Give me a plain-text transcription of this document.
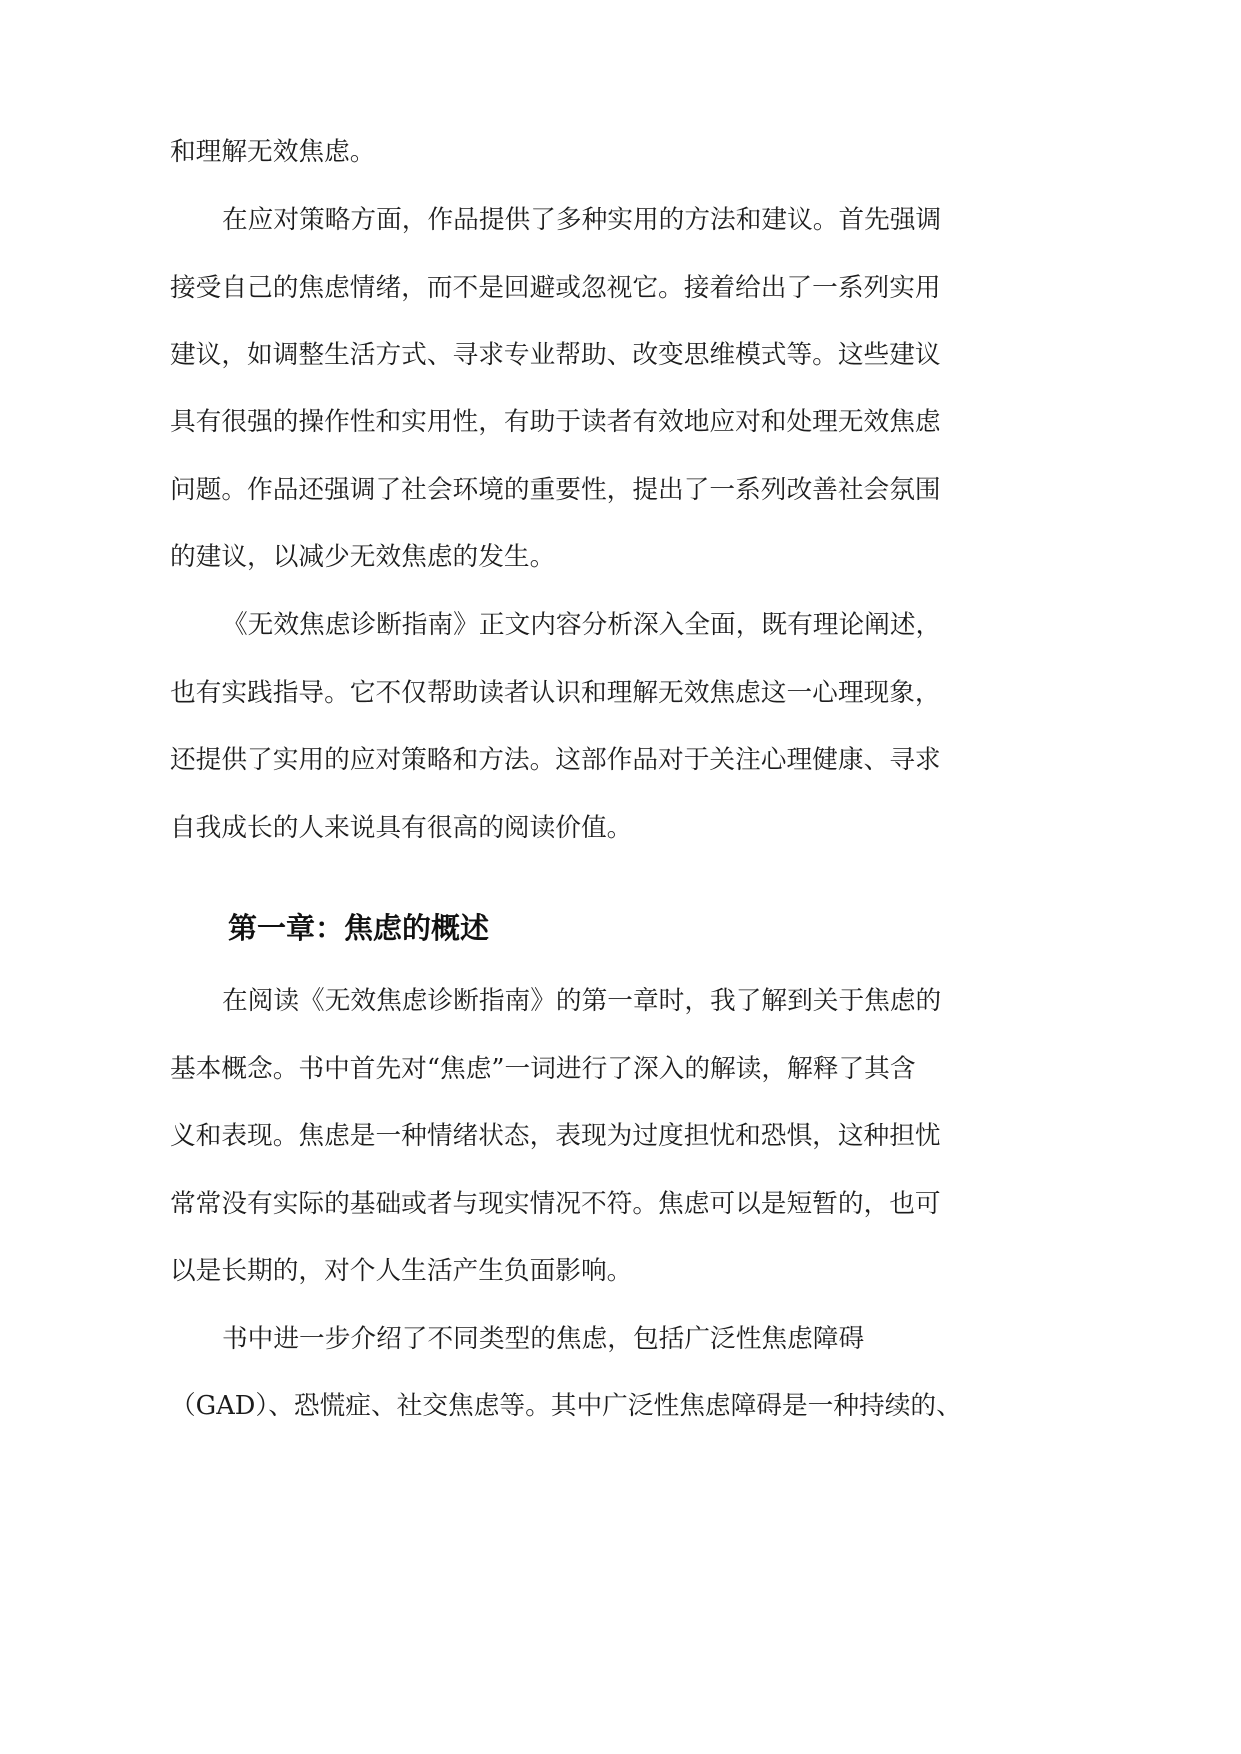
和理解无效焦虑。
在应对策略方面，作品提供了多种实用的方法和建议。首先强调
接受自己的焦虑情绪，而不是回避或忽视它。接着给出了一系列实用
建议，如调整生活方式、寻求专业帮助、改变思维模式等。这些建议
具有很强的操作性和实用性，有助于读者有效地应对和处理无效焦虑
问题。作品还强调了社会环境的重要性，提出了一系列改善社会氛围
的建议，以减少无效焦虑的发生。
《无效焦虑诊断指南》正文内容分析深入全面，既有理论阐述，
也有实践指导。它不仅帮助读者认识和理解无效焦虑这一心理现象，
还提供了实用的应对策略和方法。这部作品对于关注心理健康、寻求
自我成长的人来说具有很高的阅读价值。
第一章：焦虑的概述
在阅读《无效焦虑诊断指南》的第一章时，我了解到关于焦虑的
基本概念。书中首先对“焦虑”一词进行了深入的解读，解释了其含
义和表现。焦虑是一种情绪状态，表现为过度担忧和恐惧，这种担忧
常常没有实际的基础或者与现实情况不符。焦虑可以是短暂的，也可
以是长期的，对个人生活产生负面影响。
书中进一步介绍了不同类型的焦虑，包括广泛性焦虑障碍
（GAD）、恐慌症、社交焦虑等。其中广泛性焦虑障碍是一种持续的、
